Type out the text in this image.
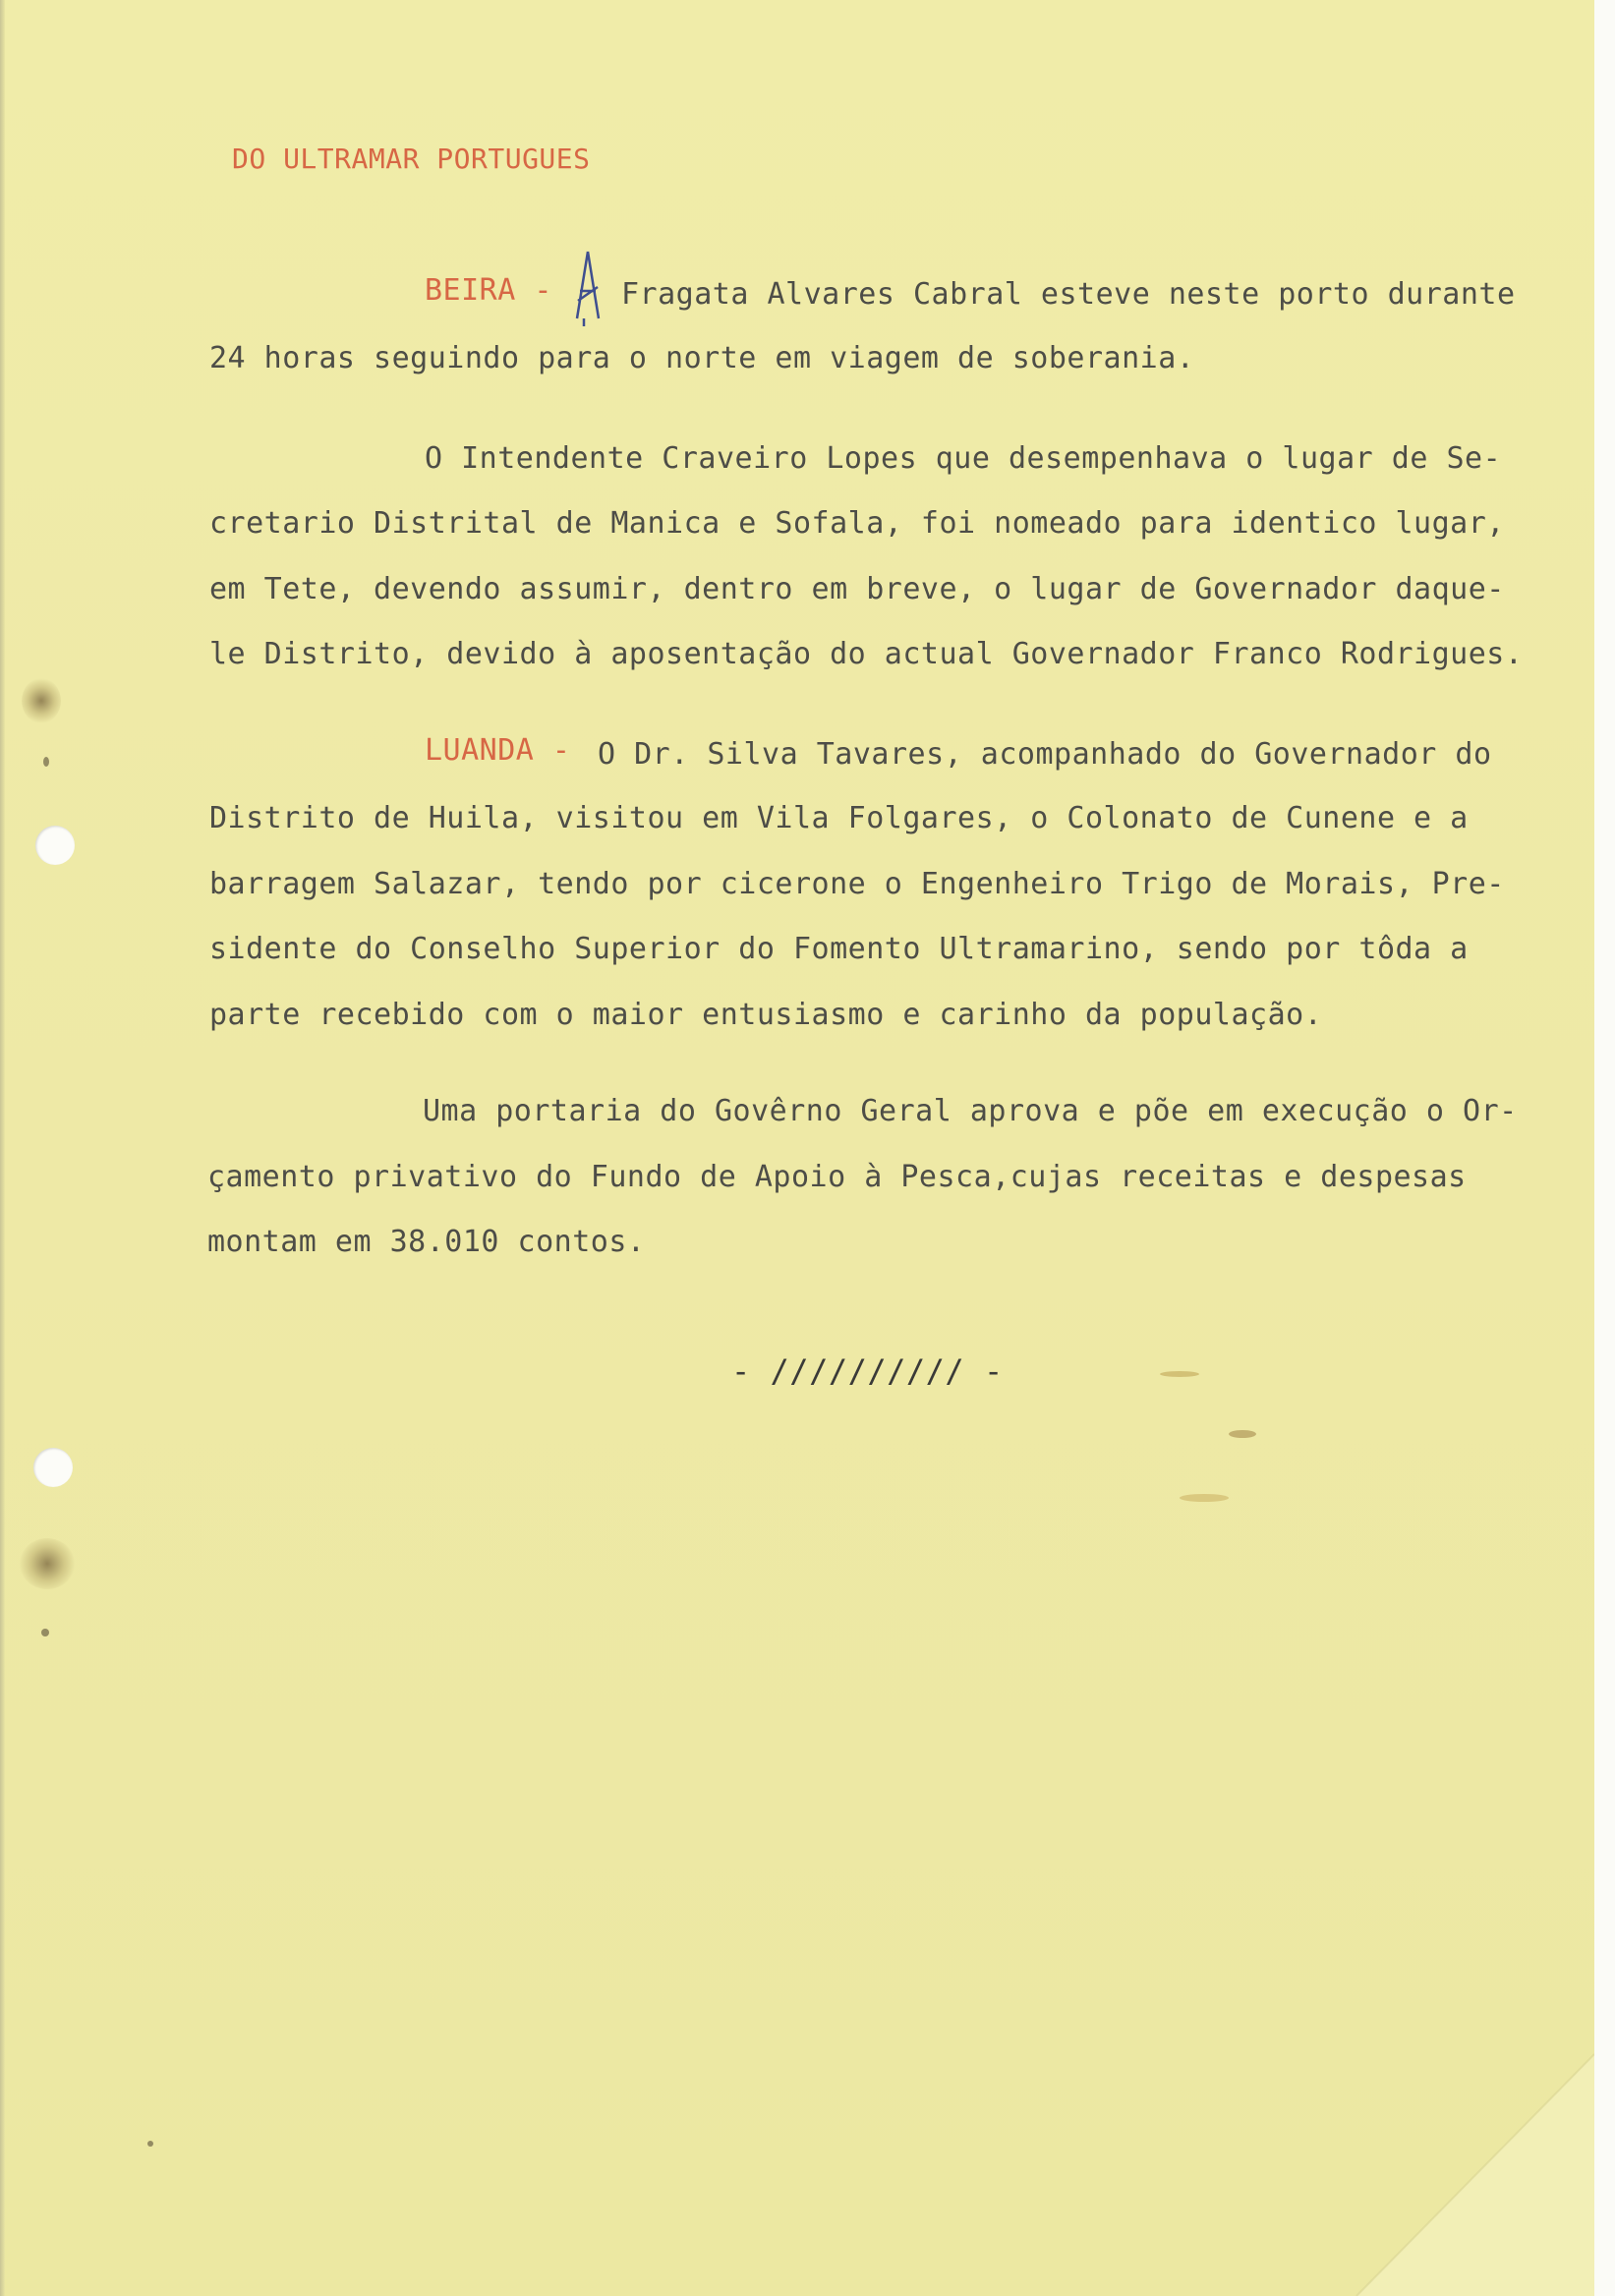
DO ULTRAMAR PORTUGUES
BEIRA - Fragata Alvares Cabral esteve neste porto durante
24 horas seguindo para o norte em viagem de soberania.
O Intendente Craveiro Lopes que desempenhava o lugar de Se-
cretario Distrital de Manica e Sofala, foi nomeado para identico lugar,
em Tete, devendo assumir, dentro em breve, o lugar de Governador daque-
le Distrito, devido à aposentação do actual Governador Franco Rodrigues.
LUANDA - O Dr. Silva Tavares, acompanhado do Governador do
Distrito de Huila, visitou em Vila Folgares, o Colonato de Cunene e a
barragem Salazar, tendo por cicerone o Engenheiro Trigo de Morais, Pre-
sidente do Conselho Superior do Fomento Ultramarino, sendo por tôda a
parte recebido com o maior entusiasmo e carinho da população.
Uma portaria do Govêrno Geral aprova e põe em execução o Or-
çamento privativo do Fundo de Apoio à Pesca,cujas receitas e despesas
montam em 38.010 contos.
- ////////// -
